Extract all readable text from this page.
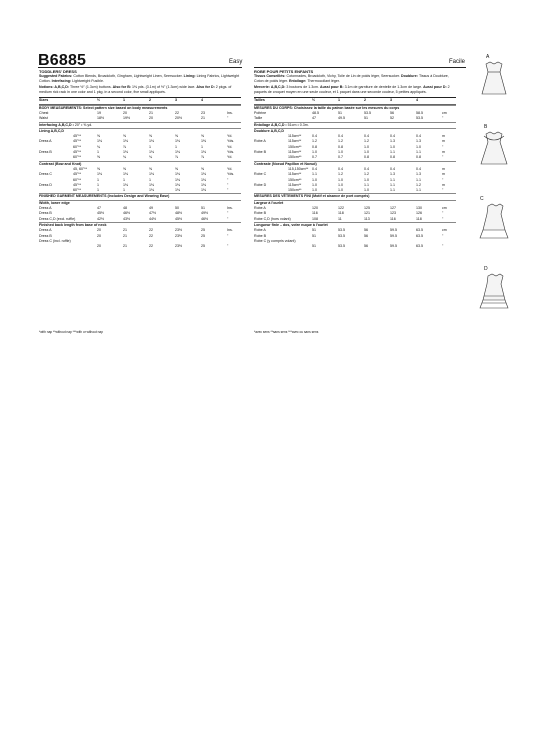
B6885	Easy	Facile
TODDLERS' DRESS
Suggested Fabrics: Cotton Blends, Broadcloth, Gingham, Lightweight Linen, Seersucker. Lining: Lining Fabrics, Lightweight Cotton. Interfacing: Lightweight Fusible.
Notions: A,B,C,D: Three ½" (1.3cm) buttons. Also for B: 1⅜ yds. (3.1m) of ½" (1.3cm) wide lace. Also for D: 2 pkgs. of medium rick rack in one color and 1 pkg. in a second color, five small appliqués.
Sizes	½	1	2	3	4
BODY MEASUREMENTS: Select pattern size based on body measurements
Chest	19	20	21	22	23	Ins.
Waist	18½	19½	20	20½	21	"
Interfacing A,B,C,D • 20" • ⅜ yd.
Lining A,B,C,D
45"**	⅝	⅝	⅝	⅝	⅝	Yd.
Dress A	45"**	1⅛	1⅛	1⅛	1⅛	1⅜	Yds.
60"**	¾	⅞	1	1	1	Yd.
Dress B	45"**	1	1⅛	1⅛	1⅛	1⅛	Yds.
60"**	⅝	¾	¾	⅞	⅞	Yd.
Contrast (Bow and Knot)
45, 60"**	⅝	⅝	⅝	⅝	⅝	Yd.
Dress C	45"**	1⅛	1⅛	1⅛	1⅛	1⅛	Yds.
60"**	1	1	1	1⅛	1⅛	"
Dress D	45"**	1	1⅛	1⅛	1⅛	1⅛	"
60"**	1	1	1⅛	1⅛	1⅛	"
FINISHED GARMENT MEASUREMENTS (Includes Design and Wearing Ease)
Width, lower edge
Dress A	47	48	49	50	51	Ins.
Dress B	45½	46½	47½	48½	49½	"
Dress C,D (excl. ruffle)	42½	43½	44½	45½	46½	"
Finished back length from base of neck
Dress A	20	21	22	23½	25	Ins.
Dress B	20	21	22	23½	25	"
Dress C (incl. ruffle)
20	21	22	23½	25	"
ROBE POUR PETITS ENFANTS
Tissus Conseillés: Cotonnades, Broadcloth, Vichy, Toile de Lin de poids léger, Seersucker. Doublure: Tissus à Doublure, Coton de poids léger. Entoilage: Thermocollant léger.
Mercerie: A,B,C,D: 3 boutons de 1.3cm. Aussi pour B: 3.1m de garniture de dentelle de 1.3cm de large. Aussi pour D: 2 paquets de croquet moyen en une seule couleur, et 1 paquet dans une seconde couleur, 5 petites appliqués.
Tailles	½	1	2	3	4
MESURES DU CORPS: Choisissez la taille du patron basée sur les mesures du corps
Poitrine	48.5	51	53.5	56	58.5	cm
Taille	47	49.5	51	52	53.5	"
Entoilage A,B,C,D • 51cm • 0.3m.
Doublure A,B,C,D
115cm**	0.4	0.4	0.4	0.4	0.4	m
Robe A	115cm**	1.2	1.2	1.2	1.3	1.3	m
150cm**	0.8	0.8	1.0	1.0	1.0	"
Robe B	115cm**	1.0	1.0	1.0	1.1	1.1	m
150cm**	0.7	0.7	0.8	0.8	0.8	"
Contraste (Noeud Papillon et Noeud)
115,150cm**	0.4	0.4	0.4	0.4	0.4	m
Robe C	115cm**	1.1	1.2	1.2	1.3	1.3	m
150cm**	1.0	1.0	1.0	1.1	1.1	"
Robe D	115cm**	1.0	1.0	1.1	1.1	1.2	m
150cm**	1.0	1.0	1.0	1.1	1.1	"
MESURES DES VÊTEMENTS FINI (Motif et aisance de port compris)
Largeur à l'ourlet
Robe A	120	122	125	127	130	cm
Robe B	116	118	121	123	126	"
Robe C,D (hors volant)	108	11	113	116	118	"
Longueur finie – dos, votre nuque à l'ourlet
Robe A	51	53.5	56	59.5	63.5	cm
Robe B	51	53.5	56	59.5	63.5	"
Robe C (y compris volant)
51	53.5	56	59.5	63.5	"
*with nap **without nap ***with or without nap	*avec sens **sans sens ***avec ou sans sens
A
B
C
D
